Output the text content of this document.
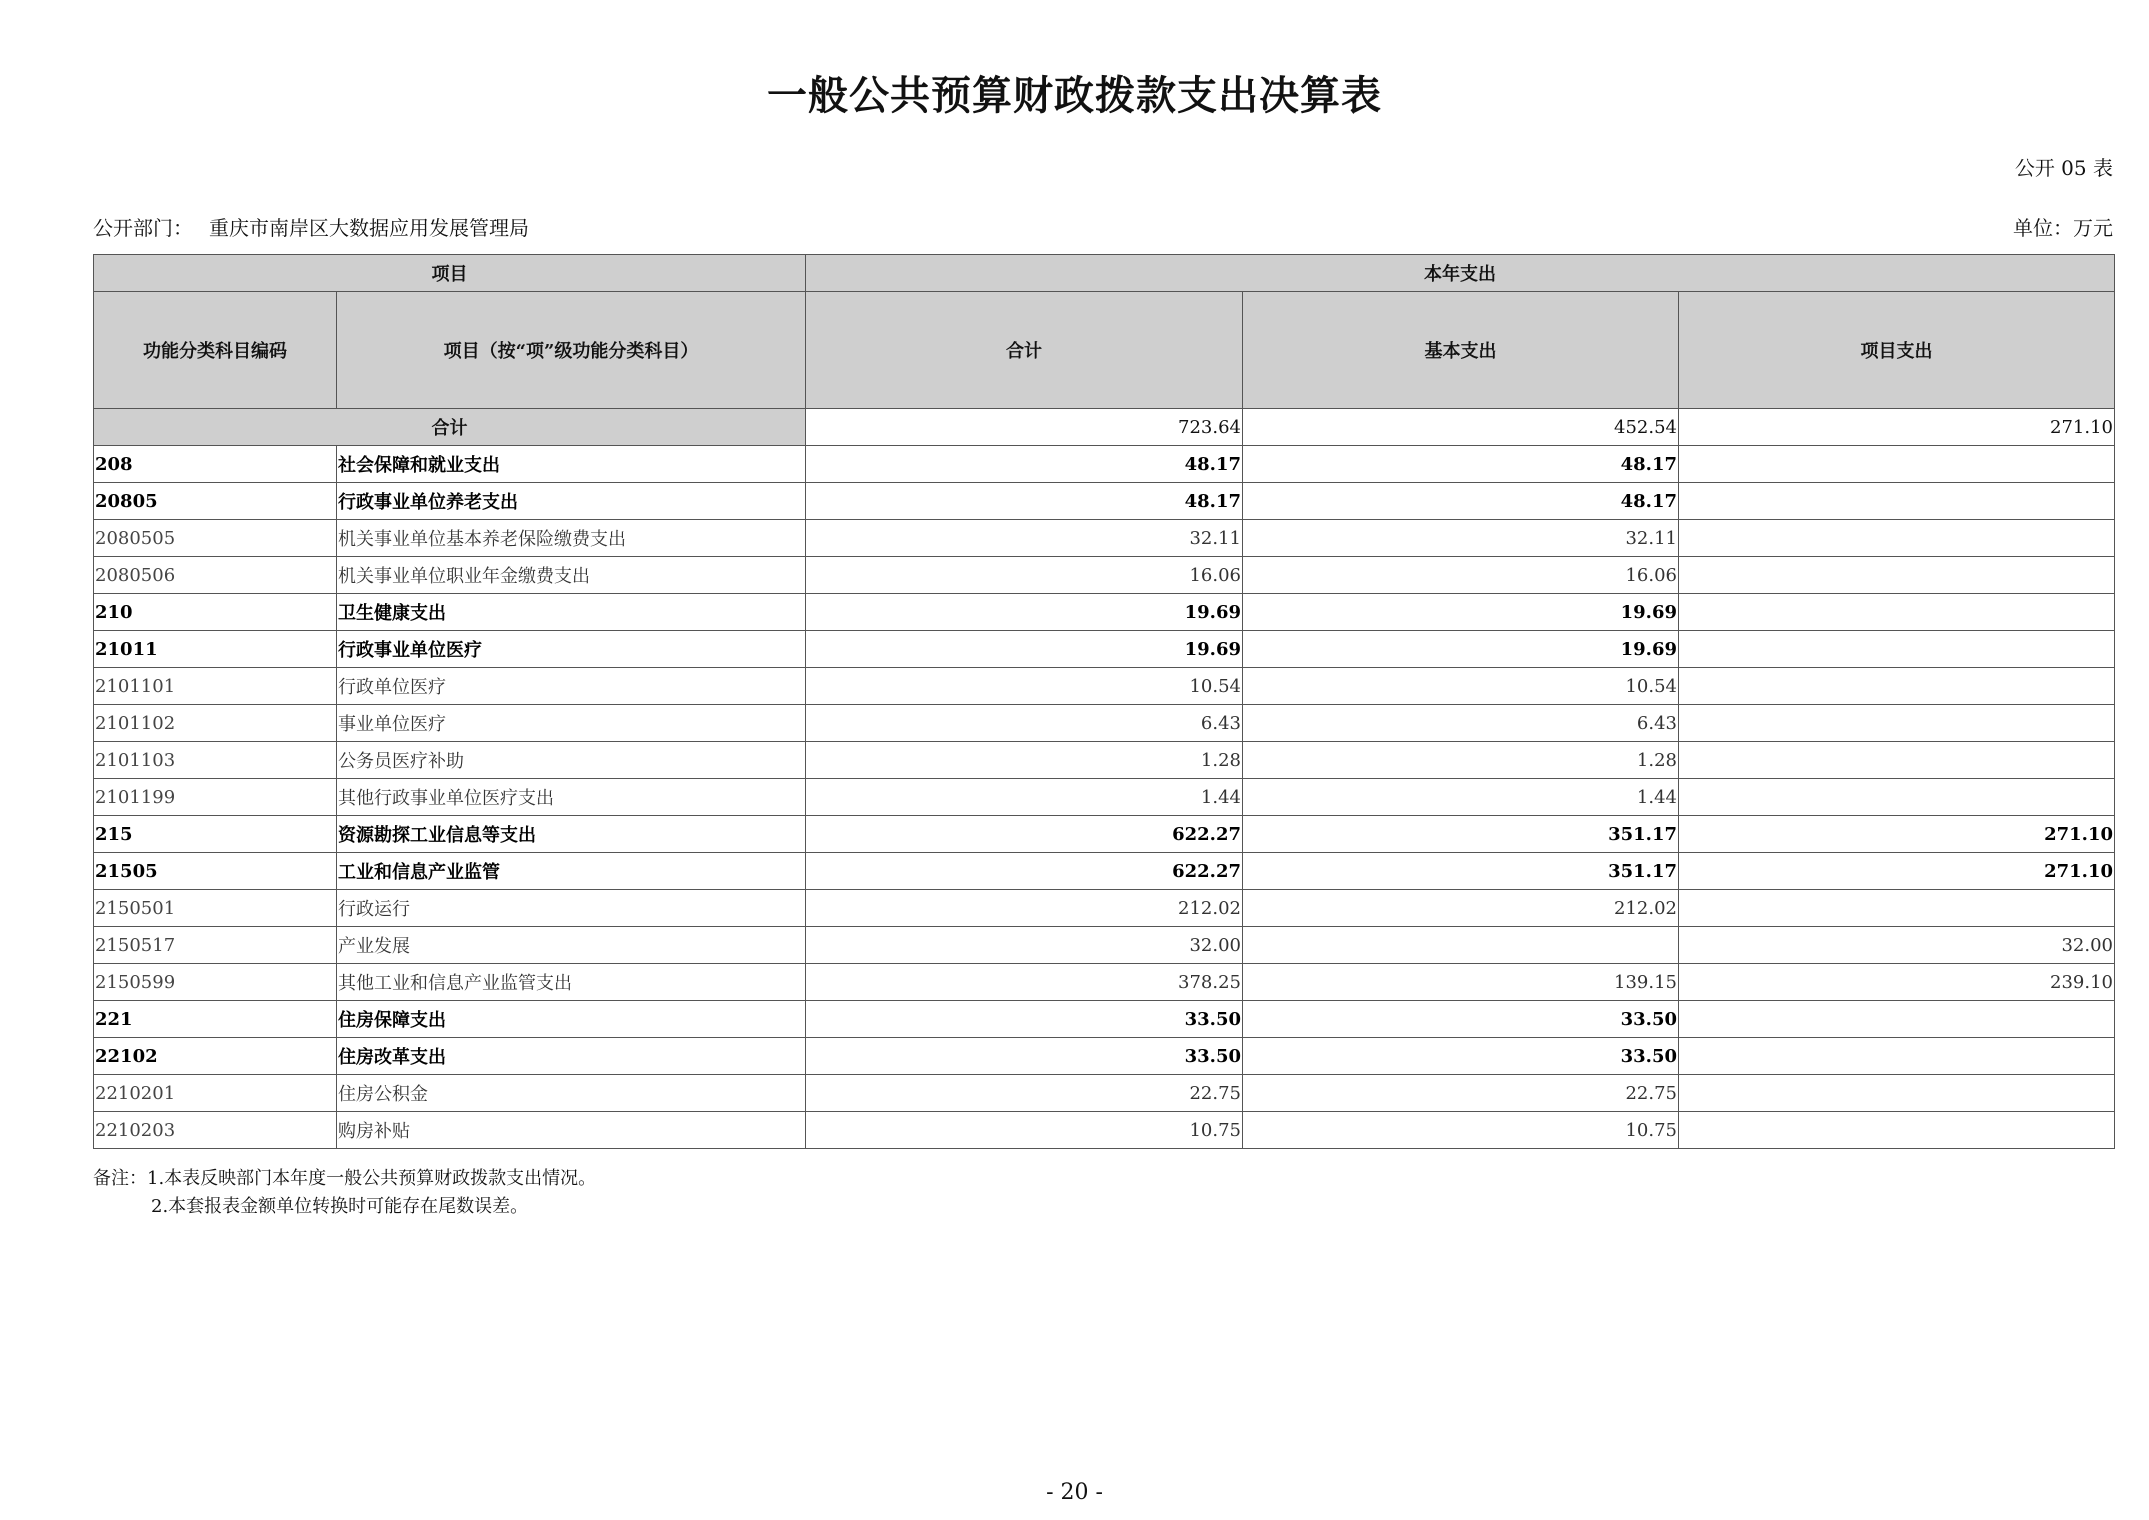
一般公共预算财政拨款支出决算表
公开 05 表
公开部门： 重庆市南岸区大数据应用发展管理局	单位：万元
项目		本年支出		
功能分类科目编码	项目（按“项”级功能分类科目）	合计	基本支出	项目支出
合计		723.64	452.54	271.10
208	社会保障和就业支出	48.17	48.17	
20805	行政事业单位养老支出	48.17	48.17	
2080505	机关事业单位基本养老保险缴费支出	32.11	32.11	
2080506	机关事业单位职业年金缴费支出	16.06	16.06	
210	卫生健康支出	19.69	19.69	
21011	行政事业单位医疗	19.69	19.69	
2101101	行政单位医疗	10.54	10.54	
2101102	事业单位医疗	6.43	6.43	
2101103	公务员医疗补助	1.28	1.28	
2101199	其他行政事业单位医疗支出	1.44	1.44	
215	资源勘探工业信息等支出	622.27	351.17	271.10
21505	工业和信息产业监管	622.27	351.17	271.10
2150501	行政运行	212.02	212.02	
2150517	产业发展	32.00		32.00
2150599	其他工业和信息产业监管支出	378.25	139.15	239.10
221	住房保障支出	33.50	33.50	
22102	住房改革支出	33.50	33.50	
2210201	住房公积金	22.75	22.75	
2210203	购房补贴	10.75	10.75	
备注：1.本表反映部门本年度一般公共预算财政拨款支出情况。
2.本套报表金额单位转换时可能存在尾数误差。
- 20 -
